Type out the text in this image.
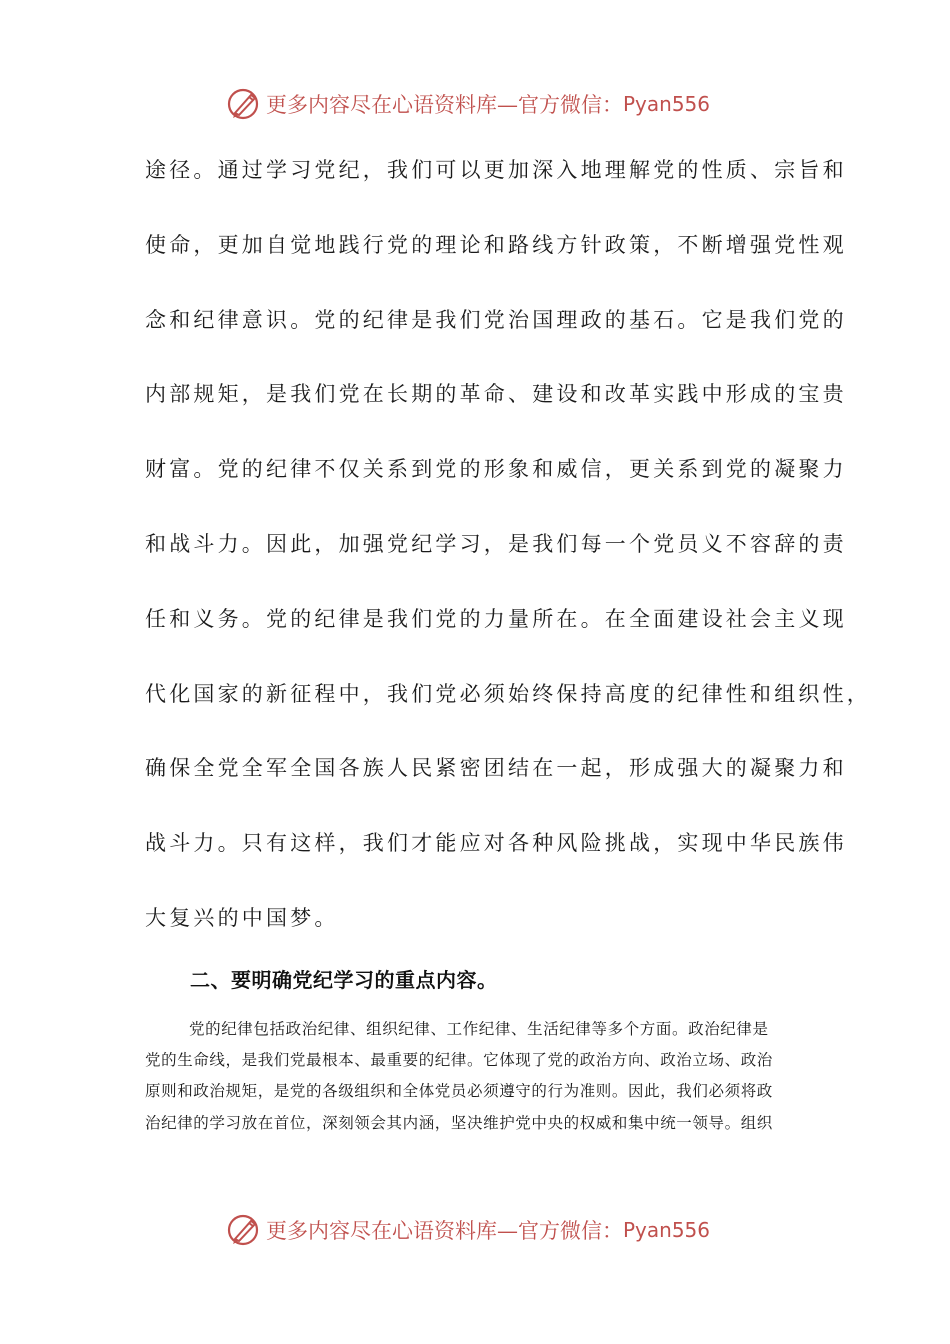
更多内容尽在心语资料库—官方微信： Pyan556
途径。通过学习党纪，我们可以更加深入地理解党的性质、宗旨和
使命，更加自觉地践行党的理论和路线方针政策，不断增强党性观
念和纪律意识。党的纪律是我们党治国理政的基石。它是我们党的
内部规矩，是我们党在长期的革命、建设和改革实践中形成的宝贵
财富。党的纪律不仅关系到党的形象和威信，更关系到党的凝聚力
和战斗力。因此，加强党纪学习，是我们每一个党员义不容辞的责
任和义务。党的纪律是我们党的力量所在。在全面建设社会主义现
代化国家的新征程中，我们党必须始终保持高度的纪律性和组织性，
确保全党全军全国各族人民紧密团结在一起，形成强大的凝聚力和
战斗力。只有这样，我们才能应对各种风险挑战，实现中华民族伟
大复兴的中国梦。
二、要明确党纪学习的重点内容。
党的纪律包括政治纪律、组织纪律、工作纪律、生活纪律等多个方面。政治纪律是
党的生命线，是我们党最根本、最重要的纪律。它体现了党的政治方向、政治立场、政治
原则和政治规矩，是党的各级组织和全体党员必须遵守的行为准则。因此，我们必须将政
治纪律的学习放在首位，深刻领会其内涵，坚决维护党中央的权威和集中统一领导。组织
更多内容尽在心语资料库—官方微信： Pyan556
